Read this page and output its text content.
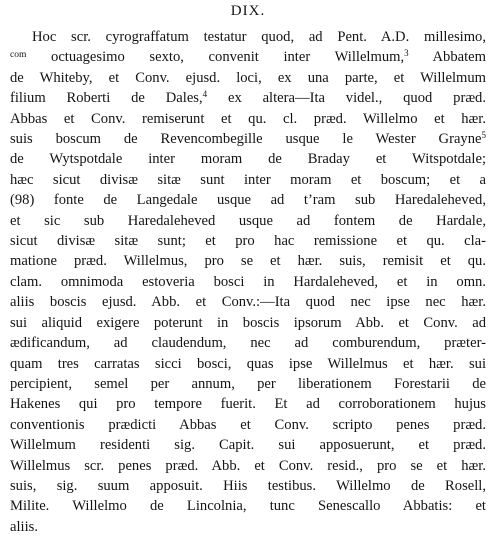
DIX.
Hoc scr. cyrograffatum testatur quod, ad Pent. A.D. millesimo,
$^{com}$ octuagesimo sexto, convenit inter Willelmum,$^3$ Abbatem
de Whiteby, et Conv. ejusd. loci, ex una parte, et Willelmum
filium Roberti de Dales,$^4$ ex altera—Ita videl., quod præd.
Abbas et Conv. remiserunt et qu. cl. præd. Willelmo et hær.
suis boscum de Revencombegille usque le Wester Grayne$^5$
de Wytspotdale inter moram de Braday et Witspotdale;
hæc sicut divisæ sitæ sunt inter moram et boscum; et a
(98) fonte de Langedale usque ad t’ram sub Haredaleheved,
et sic sub Haredaleheved usque ad fontem de Hardale,
sicut divisæ sitæ sunt; et pro hac remissione et qu. cla-
matione præd. Willelmus, pro se et hær. suis, remisit et qu.
clam. omnimoda estoveria bosci in Hardaleheved, et in omn.
aliis boscis ejusd. Abb. et Conv.:—Ita quod nec ipse nec hær.
sui aliquid exigere poterunt in boscis ipsorum Abb. et Conv. ad
ædificandum, ad claudendum, nec ad comburendum, præter-
quam tres carratas sicci bosci, quas ipse Willelmus et hær. sui
percipient, semel per annum, per liberationem Forestarii de
Hakenes qui pro tempore fuerit. Et ad corroborationem hujus
conventionis prædicti Abbas et Conv. scripto penes præd.
Willelmum residenti sig. Capit. sui apposuerunt, et præd.
Willelmus scr. penes præd. Abb. et Conv. resid., pro se et hær.
suis, sig. suum apposuit. Hiis testibus. Willelmo de Rosell,
Milite. Willelmo de Lincolnia, tunc Senescallo Abbatis: et
aliis.
